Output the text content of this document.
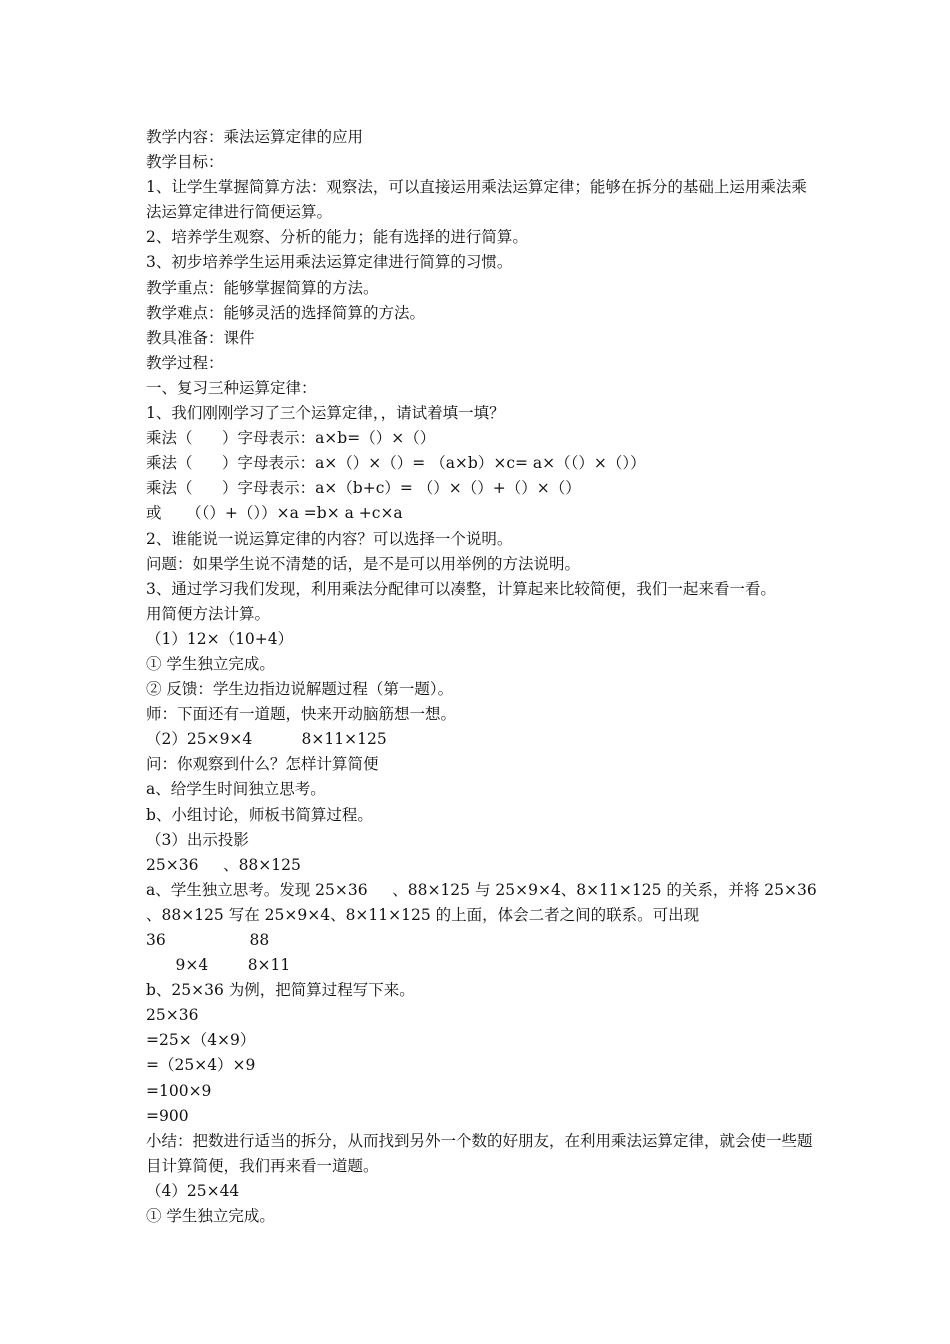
教学内容：乘法运算定律的应用
教学目标：
1、让学生掌握简算方法：观察法，可以直接运用乘法运算定律；能够在拆分的基础上运用乘法乘法运算定律进行简便运算。
2、培养学生观察、分析的能力；能有选择的进行简算。
3、初步培养学生运用乘法运算定律进行简算的习惯。
教学重点：能够掌握简算的方法。
教学难点：能够灵活的选择简算的方法。
教具准备：课件
教学过程：
一、复习三种运算定律：
1、我们刚刚学习了三个运算定律，，请试着填一填？
乘法（      ）字母表示：a×b=（）×（）
乘法（      ）字母表示：a×（）×（）= （a×b）×c= a×（（）×（））
乘法（      ）字母表示：a×（b+c）= （）×（）+（）×（）
或     （（）+（））×a =b× a +c×a
2、谁能说一说运算定律的内容？可以选择一个说明。
问题：如果学生说不清楚的话，是不是可以用举例的方法说明。
3、通过学习我们发现，利用乘法分配律可以凑整，计算起来比较简便，我们一起来看一看。
用简便方法计算。
（1）12×（10+4）
① 学生独立完成。
② 反馈：学生边指边说解题过程（第一题）。
师：下面还有一道题，快来开动脑筋想一想。
（2）25×9×4          8×11×125
问：你观察到什么？怎样计算简便
a、给学生时间独立思考。
b、小组讨论，师板书简算过程。
（3）出示投影
25×36     、88×125
a、学生独立思考。发现 25×36     、88×125 与 25×9×4、8×11×125 的关系，并将 25×36
、88×125 写在 25×9×4、8×11×125 的上面，体会二者之间的联系。可出现
36                 88
9×4        8×11
b、25×36 为例，把简算过程写下来。
25×36
=25×（4×9）
=（25×4）×9
=100×9
=900
小结：把数进行适当的拆分，从而找到另外一个数的好朋友，在利用乘法运算定律，就会使一些题目计算简便，我们再来看一道题。
（4）25×44
① 学生独立完成。
